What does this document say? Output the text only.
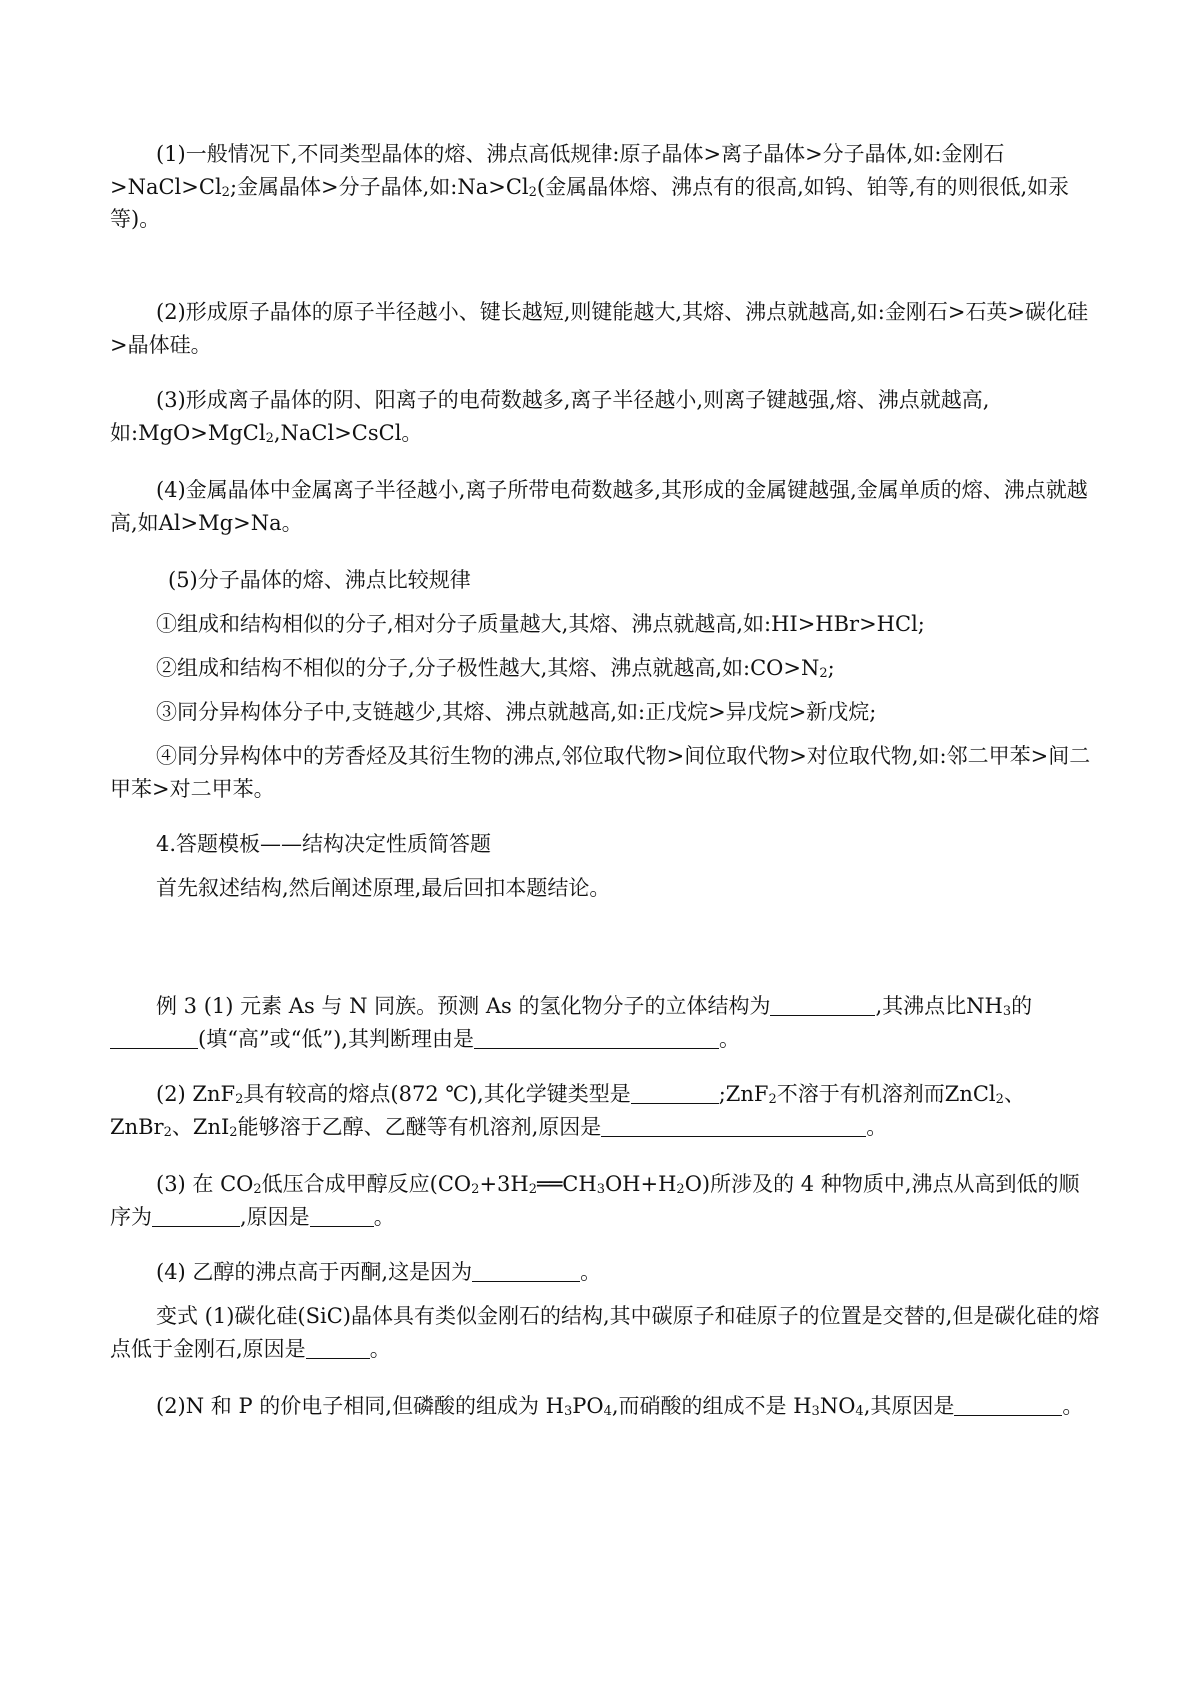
(1)一般情况下,不同类型晶体的熔、沸点高低规律:原子晶体>离子晶体>分子晶体,如:金刚石$>NaCl>Cl_2$;金属晶体>分子晶体,如$:Na>Cl_2$(金属晶体熔、沸点有的很高,如钨、铂等,有的则很低,如汞等)。

(2)形成原子晶体的原子半径越小、键长越短,则键能越大,其熔、沸点就越高,如:金刚石>石英>碳化硅>晶体硅。

(3)形成离子晶体的阴、阳离子的电荷数越多,离子半径越小,则离子键越强,熔、沸点就越高,如:MgO>MgCl$_2$,NaCl>CsCl。

(4)金属晶体中金属离子半径越小,离子所带电荷数越多,其形成的金属键越强,金属单质的熔、沸点就越高,如Al>Mg>Na。

(5)分子晶体的熔、沸点比较规律

①组成和结构相似的分子,相对分子质量越大,其熔、沸点就越高,如:HI>HBr>HCl;

②组成和结构不相似的分子,分子极性越大,其熔、沸点就越高,如$:CO>N_2$;

③同分异构体分子中,支链越少,其熔、沸点就越高,如:正戊烷>异戊烷>新戊烷;

④同分异构体中的芳香烃及其衍生物的沸点,邻位取代物>间位取代物>对位取代物,如:邻二甲苯>间二甲苯>对二甲苯。

4.答题模板——结构决定性质简答题

首先叙述结构,然后阐述原理,最后回扣本题结论。

例 3 (1) 元素 As 与 N 同族。预测 As 的氢化物分子的立体结构为	,其沸点比$NH_3$的(填“高”或“低”),其判断理由是	。

(2) ZnF$_2$具有较高的熔点(872 ℃),其化学键类型是	;ZnF$_2$不溶于有机溶剂而ZnCl$_2$、ZnBr$_2$、ZnI$_2$能够溶于乙醇、乙醚等有机溶剂,原因是	。

(3) 在 $CO_2$低压合成甲醇反应$(CO_2+3H_2══CH_3OH+H_2O)$所涉及的 4 种物质中,沸点从高到低的顺序为	,原因是	。

(4) 乙醇的沸点高于丙酮,这是因为	。

变式 (1)碳化硅(SiC)晶体具有类似金刚石的结构,其中碳原子和硅原子的位置是交替的,但是碳化硅的熔点低于金刚石,原因是	。

(2)N 和 P 的价电子相同,但磷酸的组成为 $H_3PO_4$,而硝酸的组成不是 $H_3NO_4$,其原因是	。
